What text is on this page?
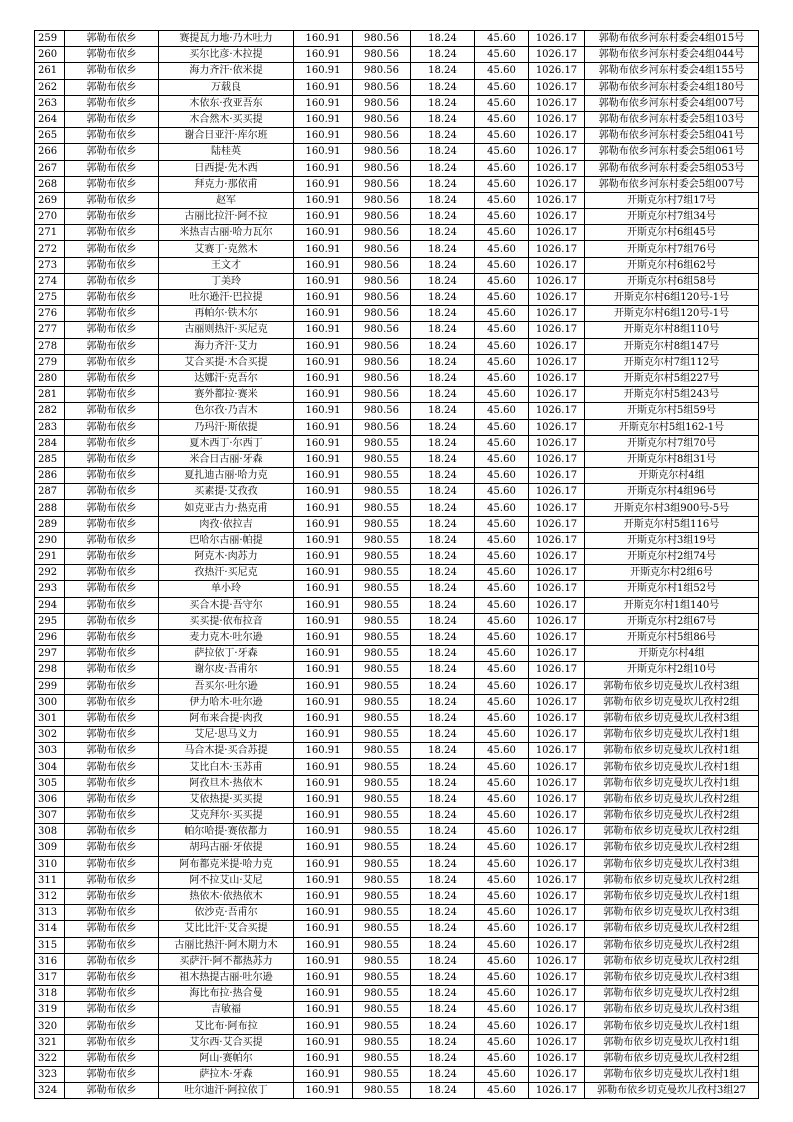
259	郭勒布依乡	赛提瓦力地·乃木吐力	160.91	980.56	18.24	45.60	1026.17	郭勒布依乡河东村委会4组015号
260	郭勒布依乡	买尔比彦·木拉提	160.91	980.56	18.24	45.60	1026.17	郭勒布依乡河东村委会4组044号
261	郭勒布依乡	海力齐汗·依米提	160.91	980.56	18.24	45.60	1026.17	郭勒布依乡河东村委会4组155号
262	郭勒布依乡	万载良	160.91	980.56	18.24	45.60	1026.17	郭勒布依乡河东村委会4组180号
263	郭勒布依乡	木依东·孜亚吾东	160.91	980.56	18.24	45.60	1026.17	郭勒布依乡河东村委会4组007号
264	郭勒布依乡	木合然木·买买提	160.91	980.56	18.24	45.60	1026.17	郭勒布依乡河东村委会5组103号
265	郭勒布依乡	谢合日亚汗·库尔班	160.91	980.56	18.24	45.60	1026.17	郭勒布依乡河东村委会5组041号
266	郭勒布依乡	陆桂英	160.91	980.56	18.24	45.60	1026.17	郭勒布依乡河东村委会5组061号
267	郭勒布依乡	日西提·先木西	160.91	980.56	18.24	45.60	1026.17	郭勒布依乡河东村委会5组053号
268	郭勒布依乡	拜克力·那依甫	160.91	980.56	18.24	45.60	1026.17	郭勒布依乡河东村委会5组007号
269	郭勒布依乡	赵军	160.91	980.56	18.24	45.60	1026.17	开斯克尔村7组17号
270	郭勒布依乡	古丽比拉汗·阿不拉	160.91	980.56	18.24	45.60	1026.17	开斯克尔村7组34号
271	郭勒布依乡	米热吉古丽·哈力瓦尔	160.91	980.56	18.24	45.60	1026.17	开斯克尔村6组45号
272	郭勒布依乡	艾赛丁·克然木	160.91	980.56	18.24	45.60	1026.17	开斯克尔村7组76号
273	郭勒布依乡	王文才	160.91	980.56	18.24	45.60	1026.17	开斯克尔村6组62号
274	郭勒布依乡	丁美玲	160.91	980.56	18.24	45.60	1026.17	开斯克尔村6组58号
275	郭勒布依乡	吐尔逊汗·巴拉提	160.91	980.56	18.24	45.60	1026.17	开斯克尔村6组120号-1号
276	郭勒布依乡	再帕尔·铁木尔	160.91	980.56	18.24	45.60	1026.17	开斯克尔村6组120号-1号
277	郭勒布依乡	古丽则热汗·买尼克	160.91	980.56	18.24	45.60	1026.17	开斯克尔村8组110号
278	郭勒布依乡	海力齐汗·艾力	160.91	980.56	18.24	45.60	1026.17	开斯克尔村8组147号
279	郭勒布依乡	艾合买提·木合买提	160.91	980.56	18.24	45.60	1026.17	开斯克尔村7组112号
280	郭勒布依乡	达娜汗·克吾尔	160.91	980.56	18.24	45.60	1026.17	开斯克尔村5组227号
281	郭勒布依乡	赛外都拉·赛米	160.91	980.56	18.24	45.60	1026.17	开斯克尔村5组243号
282	郭勒布依乡	色尔孜·乃吉木	160.91	980.56	18.24	45.60	1026.17	开斯克尔村5组59号
283	郭勒布依乡	乃玛汗·斯依提	160.91	980.56	18.24	45.60	1026.17	开斯克尔村5组162-1号
284	郭勒布依乡	夏木西丁·尔西丁	160.91	980.55	18.24	45.60	1026.17	开斯克尔村7组70号
285	郭勒布依乡	米合日古丽·牙森	160.91	980.55	18.24	45.60	1026.17	开斯克尔村8组31号
286	郭勒布依乡	夏扎迪古丽·哈力克	160.91	980.55	18.24	45.60	1026.17	开斯克尔村4组
287	郭勒布依乡	买素提·艾孜孜	160.91	980.55	18.24	45.60	1026.17	开斯克尔村4组96号
288	郭勒布依乡	如克亚古力·热克甫	160.91	980.55	18.24	45.60	1026.17	开斯克尔村3组900号-5号
289	郭勒布依乡	肉孜·依拉吉	160.91	980.55	18.24	45.60	1026.17	开斯克尔村5组116号
290	郭勒布依乡	巴哈尔古丽·帕提	160.91	980.55	18.24	45.60	1026.17	开斯克尔村3组19号
291	郭勒布依乡	阿克木·肉苏力	160.91	980.55	18.24	45.60	1026.17	开斯克尔村2组74号
292	郭勒布依乡	孜热汗·买尼克	160.91	980.55	18.24	45.60	1026.17	开斯克尔村2组6号
293	郭勒布依乡	单小玲	160.91	980.55	18.24	45.60	1026.17	开斯克尔村1组52号
294	郭勒布依乡	买合木提·吾守尔	160.91	980.55	18.24	45.60	1026.17	开斯克尔村1组140号
295	郭勒布依乡	买买提·依布拉音	160.91	980.55	18.24	45.60	1026.17	开斯克尔村2组67号
296	郭勒布依乡	麦力克木·吐尔逊	160.91	980.55	18.24	45.60	1026.17	开斯克尔村5组86号
297	郭勒布依乡	萨拉依丁·牙森	160.91	980.55	18.24	45.60	1026.17	开斯克尔村4组
298	郭勒布依乡	谢尔皮·吾甫尔	160.91	980.55	18.24	45.60	1026.17	开斯克尔村2组10号
299	郭勒布依乡	吾买尔·吐尔逊	160.91	980.55	18.24	45.60	1026.17	郭勒布依乡切克曼坎儿孜村3组
300	郭勒布依乡	伊力哈木·吐尔逊	160.91	980.55	18.24	45.60	1026.17	郭勒布依乡切克曼坎儿孜村2组
301	郭勒布依乡	阿布来合提·肉孜	160.91	980.55	18.24	45.60	1026.17	郭勒布依乡切克曼坎儿孜村3组
302	郭勒布依乡	艾尼·思马义力	160.91	980.55	18.24	45.60	1026.17	郭勒布依乡切克曼坎儿孜村1组
303	郭勒布依乡	马合木提·买合苏提	160.91	980.55	18.24	45.60	1026.17	郭勒布依乡切克曼坎儿孜村1组
304	郭勒布依乡	艾比白木·玉苏甫	160.91	980.55	18.24	45.60	1026.17	郭勒布依乡切克曼坎儿孜村1组
305	郭勒布依乡	阿孜旦木·热依木	160.91	980.55	18.24	45.60	1026.17	郭勒布依乡切克曼坎儿孜村1组
306	郭勒布依乡	艾依热提·买买提	160.91	980.55	18.24	45.60	1026.17	郭勒布依乡切克曼坎儿孜村2组
307	郭勒布依乡	艾克拜尔·买买提	160.91	980.55	18.24	45.60	1026.17	郭勒布依乡切克曼坎儿孜村2组
308	郭勒布依乡	帕尔哈提·赛依都力	160.91	980.55	18.24	45.60	1026.17	郭勒布依乡切克曼坎儿孜村2组
309	郭勒布依乡	胡玛古丽·牙依提	160.91	980.55	18.24	45.60	1026.17	郭勒布依乡切克曼坎儿孜村2组
310	郭勒布依乡	阿布都克米提·哈力克	160.91	980.55	18.24	45.60	1026.17	郭勒布依乡切克曼坎儿孜村3组
311	郭勒布依乡	阿不拉艾山·艾尼	160.91	980.55	18.24	45.60	1026.17	郭勒布依乡切克曼坎儿孜村2组
312	郭勒布依乡	热依木·依热依木	160.91	980.55	18.24	45.60	1026.17	郭勒布依乡切克曼坎儿孜村1组
313	郭勒布依乡	依沙克·吾甫尔	160.91	980.55	18.24	45.60	1026.17	郭勒布依乡切克曼坎儿孜村3组
314	郭勒布依乡	艾比比汗·艾合买提	160.91	980.55	18.24	45.60	1026.17	郭勒布依乡切克曼坎儿孜村2组
315	郭勒布依乡	古丽比热汗·阿木期力木	160.91	980.55	18.24	45.60	1026.17	郭勒布依乡切克曼坎儿孜村2组
316	郭勒布依乡	买萨汗·阿不都热苏力	160.91	980.55	18.24	45.60	1026.17	郭勒布依乡切克曼坎儿孜村2组
317	郭勒布依乡	祖木热提古丽·吐尔逊	160.91	980.55	18.24	45.60	1026.17	郭勒布依乡切克曼坎儿孜村3组
318	郭勒布依乡	海比布拉·热合曼	160.91	980.55	18.24	45.60	1026.17	郭勒布依乡切克曼坎儿孜村2组
319	郭勒布依乡	吉敏福	160.91	980.55	18.24	45.60	1026.17	郭勒布依乡切克曼坎儿孜村3组
320	郭勒布依乡	艾比布·阿布拉	160.91	980.55	18.24	45.60	1026.17	郭勒布依乡切克曼坎儿孜村1组
321	郭勒布依乡	艾尔西·艾合买提	160.91	980.55	18.24	45.60	1026.17	郭勒布依乡切克曼坎儿孜村1组
322	郭勒布依乡	阿山·赛帕尔	160.91	980.55	18.24	45.60	1026.17	郭勒布依乡切克曼坎儿孜村2组
323	郭勒布依乡	萨拉木·牙森	160.91	980.55	18.24	45.60	1026.17	郭勒布依乡切克曼坎儿孜村1组
324	郭勒布依乡	吐尔迪汗·阿拉依丁	160.91	980.55	18.24	45.60	1026.17	郭勒布依乡切克曼坎儿孜村3组27
